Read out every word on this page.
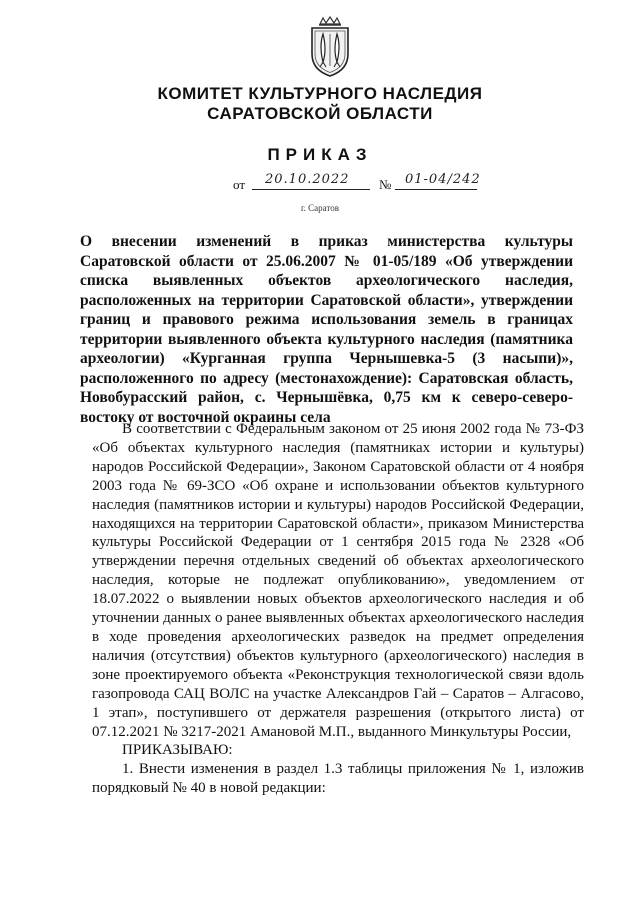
КОМИТЕТ КУЛЬТУРНОГО НАСЛЕДИЯ
САРАТОВСКОЙ ОБЛАСТИ
ПРИКАЗ
от 20.10.2022 № 01-04/242
г. Саратов
О внесении изменений в приказ министерства культуры Саратовской области от 25.06.2007 № 01-05/189 «Об утверждении списка выявленных объектов археологического наследия, расположенных на территории Саратовской области», утверждении границ и правового режима использования земель в границах территории выявленного объекта культурного наследия (памятника археологии) «Курганная группа Чернышевка-5 (3 насыпи)», расположенного по адресу (местонахождение): Саратовская область, Новобурасский район, с. Чернышёвка, 0,75 км к северо-северо-востоку от восточной окраины села

В соответствии с Федеральным законом от 25 июня 2002 года № 73-ФЗ «Об объектах культурного наследия (памятниках истории и культуры) народов Российской Федерации», Законом Саратовской области от 4 ноября 2003 года № 69-ЗСО «Об охране и использовании объектов культурного наследия (памятников истории и культуры) народов Российской Федерации, находящихся на территории Саратовской области», приказом Министерства культуры Российской Федерации от 1 сентября 2015 года № 2328 «Об утверждении перечня отдельных сведений об объектах археологического наследия, которые не подлежат опубликованию», уведомлением от 18.07.2022 о выявлении новых объектов археологического наследия и об уточнении данных о ранее выявленных объектах археологического наследия в ходе проведения археологических разведок на предмет определения наличия (отсутствия) объектов культурного (археологического) наследия в зоне проектируемого объекта «Реконструкция технологической связи вдоль газопровода САЦ ВОЛС на участке Александров Гай – Саратов – Алгасово, 1 этап», поступившего от держателя разрешения (открытого листа) от 07.12.2021 № 3217-2021 Амановой М.П., выданного Минкультуры России,

ПРИКАЗЫВАЮ:

1. Внести изменения в раздел 1.3 таблицы приложения № 1, изложив порядковый № 40 в новой редакции:
